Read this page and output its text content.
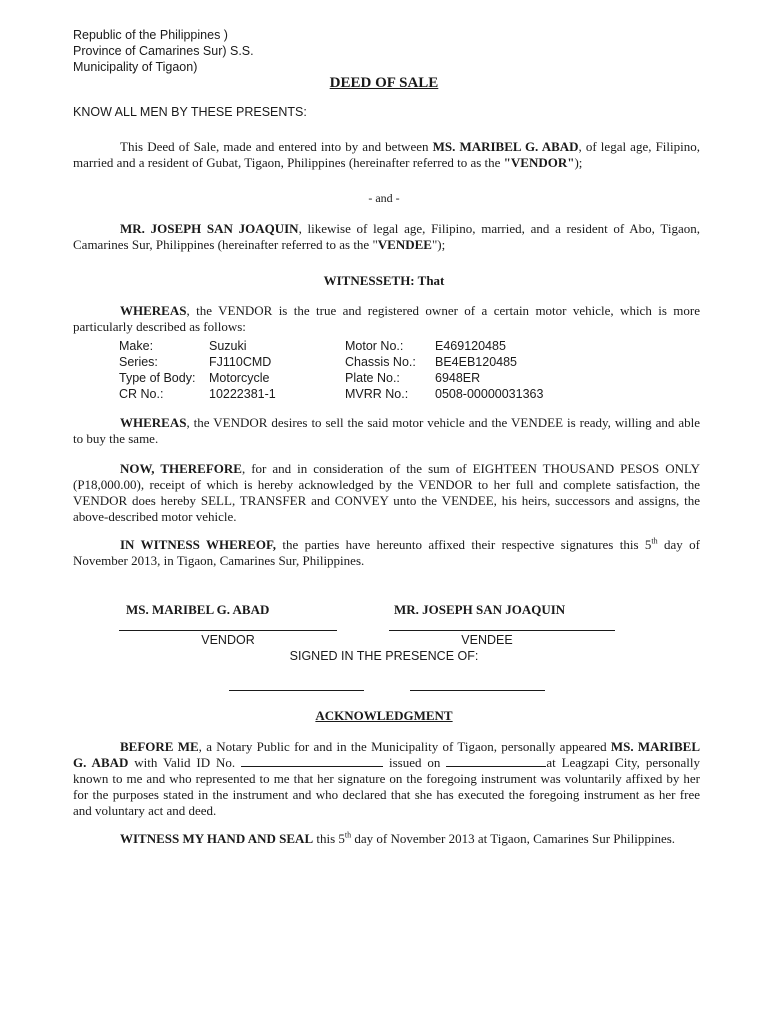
Republic of the Philippines )
Province of Camarines Sur) S.S.
Municipality of Tigaon)
DEED OF SALE
KNOW ALL MEN BY THESE PRESENTS:
This Deed of Sale, made and entered into by and between MS. MARIBEL G. ABAD, of legal age, Filipino, married and a resident of Gubat, Tigaon, Philippines (hereinafter referred to as the "VENDOR");
- and -
MR. JOSEPH SAN JOAQUIN, likewise of legal age, Filipino, married, and a resident of Abo, Tigaon, Camarines Sur, Philippines (hereinafter referred to as the "VENDEE");
WITNESSETH: That
WHEREAS, the VENDOR is the true and registered owner of a certain motor vehicle, which is more particularly described as follows:
Make:	Suzuki	Motor No.:	E469120485
Series:	FJ110CMD	Chassis No.: BE4EB120485
Type of Body: Motorcycle	Plate No.:	6948ER
CR No.:	10222381-1	MVRR No.: 0508-00000031363
WHEREAS, the VENDOR desires to sell the said motor vehicle and the VENDEE is ready, willing and able to buy the same.
NOW, THEREFORE, for and in consideration of the sum of EIGHTEEN THOUSAND PESOS ONLY (P18,000.00), receipt of which is hereby acknowledged by the VENDOR to her full and complete satisfaction, the VENDOR does hereby SELL, TRANSFER and CONVEY unto the VENDEE, his heirs, successors and assigns, the above-described motor vehicle.
IN WITNESS WHEREOF, the parties have hereunto affixed their respective signatures this 5th day of November 2013, in Tigaon, Camarines Sur, Philippines.
MS. MARIBEL G. ABAD	MR. JOSEPH SAN JOAQUIN
VENDOR	VENDEE
SIGNED IN THE PRESENCE OF:
ACKNOWLEDGMENT
BEFORE ME, a Notary Public for and in the Municipality of Tigaon, personally appeared MS. MARIBEL G. ABAD with Valid ID No.	issued on	at Leagzapi City, personally known to me and who represented to me that her signature on the foregoing instrument was voluntarily affixed by her for the purposes stated in the instrument and who declared that she has executed the foregoing instrument as her free and voluntary act and deed.
WITNESS MY HAND AND SEAL this 5th day of November 2013 at Tigaon, Camarines Sur Philippines.
